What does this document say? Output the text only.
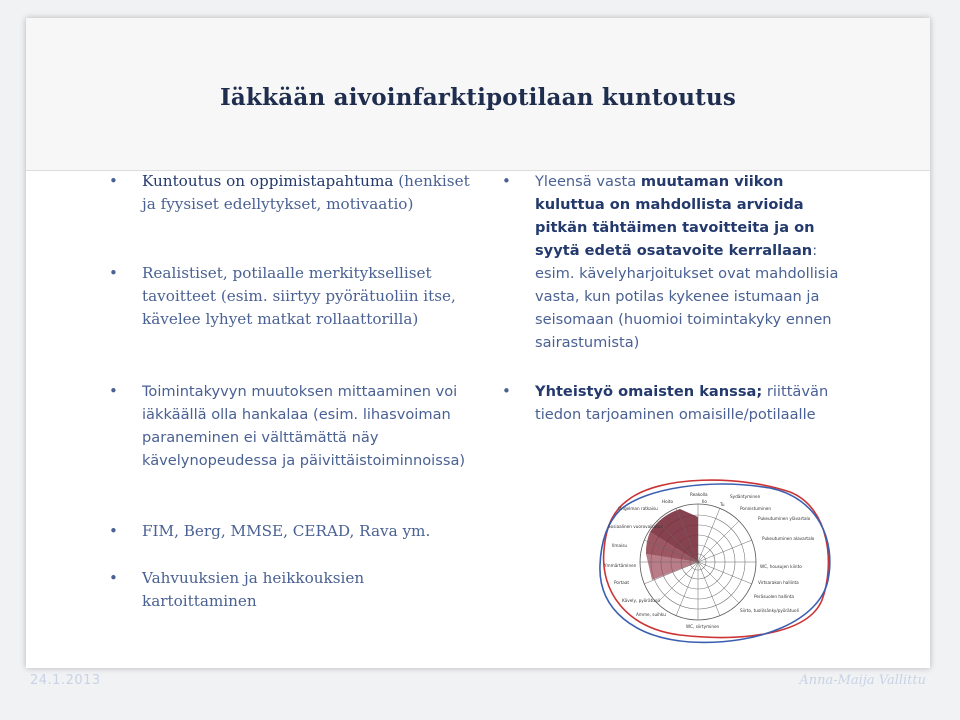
Iäkkään aivoinfarktipotilaan kuntoutus
• Kuntoutus on oppimistapahtuma (henkiset ja fyysiset edellytykset, motivaatio)
• Realistiset, potilaalle merkitykselliset tavoitteet (esim. siirtyy pyörätuoliin itse, kävelee lyhyet matkat rollaattorilla)
• Toimintakyvyn muutoksen mittaaminen voi iäkkäällä olla hankalaa (esim. lihasvoiman paraneminen ei välttämättä näy kävelynopeudessa ja päivittäistoiminnoissa)
• FIM, Berg, MMSE, CERAD, Rava ym.
• Vahvuuksien ja heikkouksien kartoittaminen
• Yleensä vasta muutaman viikon kuluttua on mahdollista arvioida pitkän tähtäimen tavoitteita ja on syytä edetä osatavoite kerrallaan: esim. kävelyharjoitukset ovat mahdollisia vasta, kun potilas kykenee istumaan ja seisomaan (huomioi toimintakyky ennen sairastumista)
• Yhteistyö omaisten kanssa; riittävän tiedon tarjoaminen omaisille/potilaalle
Reakolla
Hoito	Ilo
Sydäntyminen
Tu
Ponnistuminen
Ongelman ratkaisu
Sosiaalinen vuorovaikutus
Ilmaisu
Ymmärtäminen
Portaat
Kävely, pyörätuoli
Pukeutuminen ylävartalo
Pukeutuminen alavartalo
WC, housujen kiinto
Virtsarakon hallinta
Peräsuolen hallinta
Siirto, tuoli/sänky/pyörätuoli
Amme, suihku
WC, siirtyminen
24.1.2013	Anna-Maija Vallittu
